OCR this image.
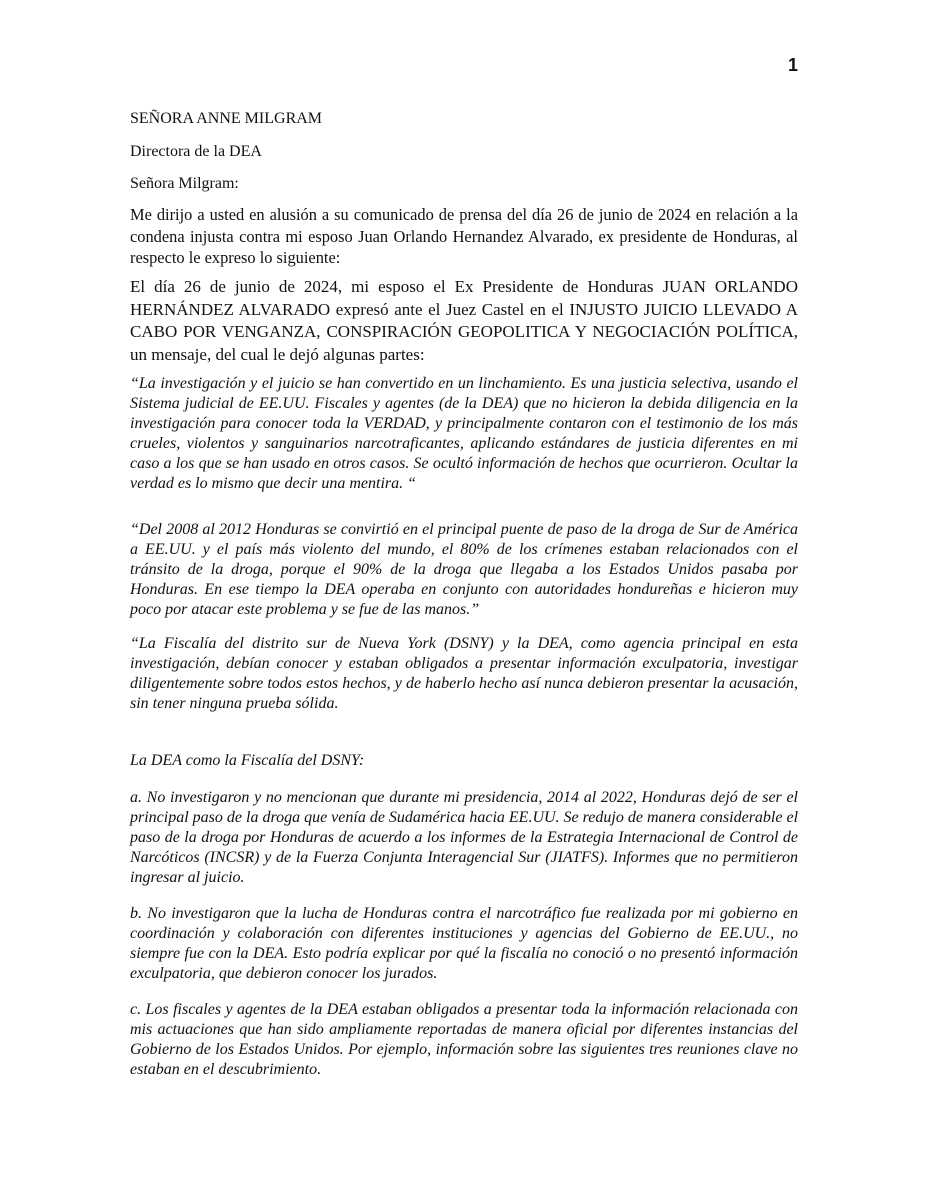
1
SEÑORA ANNE MILGRAM
Directora de la DEA
Señora Milgram:

Me dirijo a usted en alusión a su comunicado de prensa del día 26 de junio de 2024 en relación a la condena injusta contra mi esposo Juan Orlando Hernandez Alvarado, ex presidente de Honduras, al respecto le expreso lo siguiente:

El día 26 de junio de 2024, mi esposo el Ex Presidente de Honduras JUAN ORLANDO HERNÁNDEZ ALVARADO expresó ante el Juez Castel en el INJUSTO JUICIO LLEVADO A CABO POR VENGANZA, CONSPIRACIÓN GEOPOLITICA Y NEGOCIACIÓN POLÍTICA, un mensaje, del cual le dejó algunas partes:

“La investigación y el juicio se han convertido en un linchamiento. Es una justicia selectiva, usando el Sistema judicial de EE.UU. Fiscales y agentes (de la DEA) que no hicieron la debida diligencia en la investigación para conocer toda la VERDAD, y principalmente contaron con el testimonio de los más crueles, violentos y sanguinarios narcotraficantes, aplicando estándares de justicia diferentes en mi caso a los que se han usado en otros casos. Se ocultó información de hechos que ocurrieron. Ocultar la verdad es lo mismo que decir una mentira. “

“Del 2008 al 2012 Honduras se convirtió en el principal puente de paso de la droga de Sur de América a EE.UU. y el país más violento del mundo, el 80% de los crímenes estaban relacionados con el tránsito de la droga, porque el 90% de la droga que llegaba a los Estados Unidos pasaba por Honduras. En ese tiempo la DEA operaba en conjunto con autoridades hondureñas e hicieron muy poco por atacar este problema y se fue de las manos.”

“La Fiscalía del distrito sur de Nueva York (DSNY) y la DEA, como agencia principal en esta investigación, debían conocer y estaban obligados a presentar información exculpatoria, investigar diligentemente sobre todos estos hechos, y de haberlo hecho así nunca debieron presentar la acusación, sin tener ninguna prueba sólida.

La DEA como la Fiscalía del DSNY:

a. No investigaron y no mencionan que durante mi presidencia, 2014 al 2022, Honduras dejó de ser el principal paso de la droga que venía de Sudamérica hacia EE.UU. Se redujo de manera considerable el paso de la droga por Honduras de acuerdo a los informes de la Estrategia Internacional de Control de Narcóticos (INCSR) y de la Fuerza Conjunta Interagencial Sur (JIATFS). Informes que no permitieron ingresar al juicio.

b. No investigaron que la lucha de Honduras contra el narcotráfico fue realizada por mi gobierno en coordinación y colaboración con diferentes instituciones y agencias del Gobierno de EE.UU., no siempre fue con la DEA. Esto podría explicar por qué la fiscalía no conoció o no presentó información exculpatoria, que debieron conocer los jurados.

c. Los fiscales y agentes de la DEA estaban obligados a presentar toda la información relacionada con mis actuaciones que han sido ampliamente reportadas de manera oficial por diferentes instancias del Gobierno de los Estados Unidos. Por ejemplo, información sobre las siguientes tres reuniones clave no estaban en el descubrimiento.
